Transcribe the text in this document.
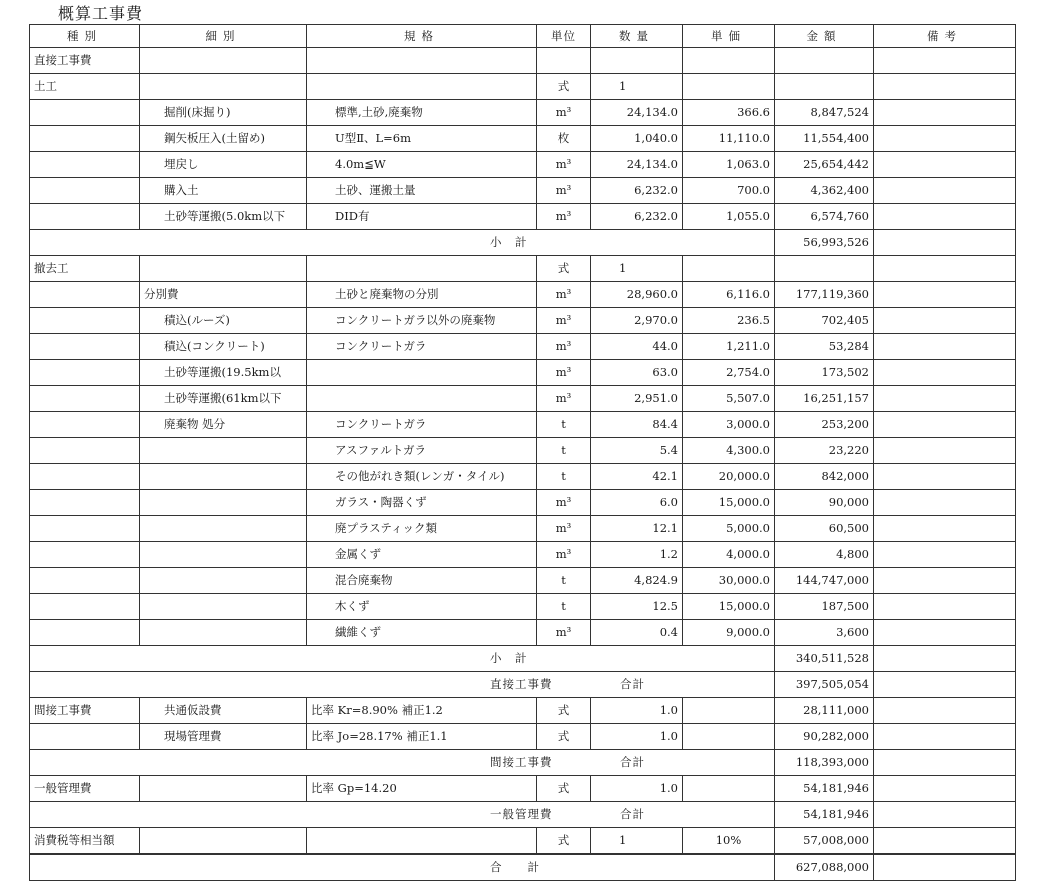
概算工事費
種別	細別	規格	単位	数量	単価	金額	備考
直接工事費							
土工			式	1			
	掘削(床掘り)	標準,土砂,廃棄物	m³	24,134.0	366.6	8,847,524	
	鋼矢板圧入(土留め)	U型Ⅱ、L=6m	枚	1,040.0	11,110.0	11,554,400	
	埋戻し	4.0m≦W	m³	24,134.0	1,063.0	25,654,442	
	購入土	土砂、運搬土量	m³	6,232.0	700.0	4,362,400	
	土砂等運搬(5.0km以下	DID有	m³	6,232.0	1,055.0	6,574,760	
小　計						56,993,526	
撤去工			式	1			
	分別費	土砂と廃棄物の分別	m³	28,960.0	6,116.0	177,119,360	
	積込(ルーズ)	コンクリートガラ以外の廃棄物	m³	2,970.0	236.5	702,405	
	積込(コンクリート)	コンクリートガラ	m³	44.0	1,211.0	53,284	
	土砂等運搬(19.5km以		m³	63.0	2,754.0	173,502	
	土砂等運搬(61km以下		m³	2,951.0	5,507.0	16,251,157	
	廃棄物 処分	コンクリートガラ	t	84.4	3,000.0	253,200	
		アスファルトガラ	t	5.4	4,300.0	23,220	
		その他がれき類(レンガ・タイル)	t	42.1	20,000.0	842,000	
		ガラス・陶器くず	m³	6.0	15,000.0	90,000	
		廃プラスティック類	m³	12.1	5,000.0	60,500	
		金属くず	m³	1.2	4,000.0	4,800	
		混合廃棄物	t	4,824.9	30,000.0	144,747,000	
		木くず	t	12.5	15,000.0	187,500	
		繊維くず	m³	0.4	9,000.0	3,600	
小　計						340,511,528	
直接工事費 合計						397,505,054	
間接工事費	共通仮設費	比率 Kr=8.90% 補正1.2	式	1.0		28,111,000	
	現場管理費	比率 Jo=28.17% 補正1.1	式	1.0		90,282,000	
間接工事費 合計						118,393,000	
一般管理費		比率 Gp=14.20	式	1.0		54,181,946	
一般管理費 合計						54,181,946	
消費税等相当額			式	1	10%	57,008,000	
合　　計						627,088,000	
